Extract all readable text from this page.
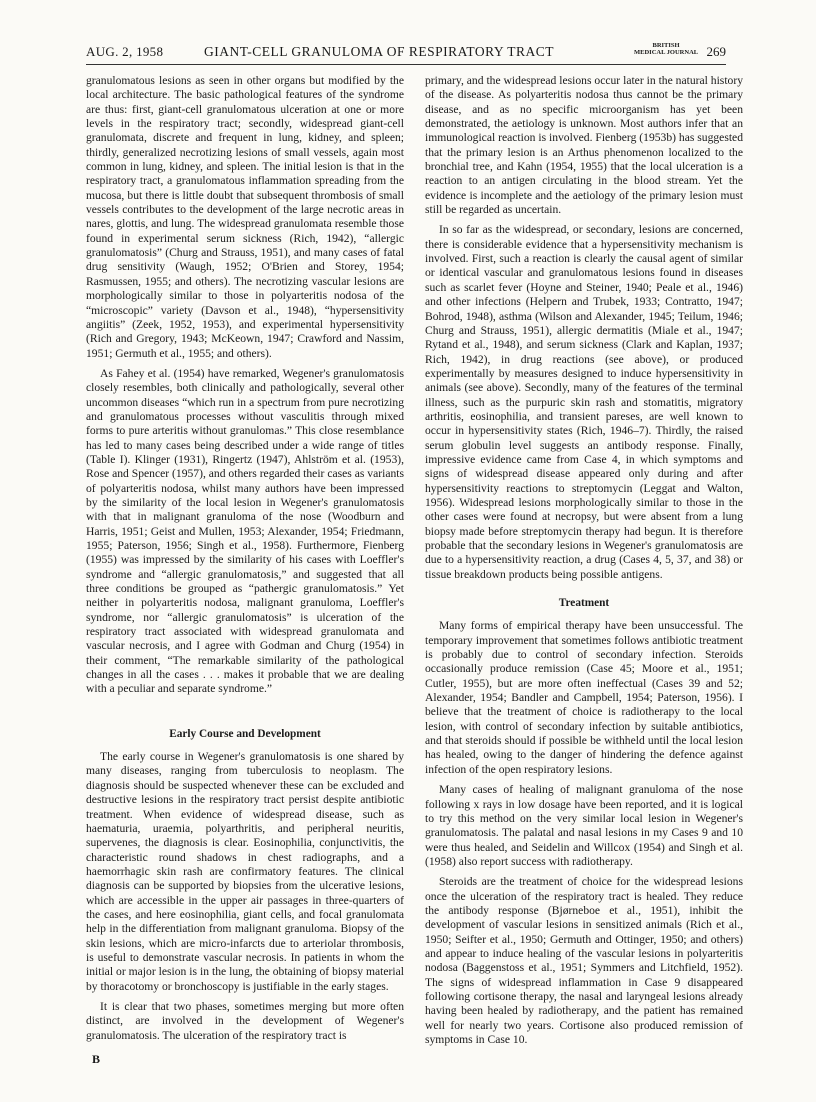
AUG. 2, 1958	GIANT-CELL GRANULOMA OF RESPIRATORY TRACT	BRITISH
MEDICAL JOURNAL 269

granulomatous lesions as seen in other organs but modified by the local architecture. The basic pathological features of the syndrome are thus: first, giant-cell granulomatous ulceration at one or more levels in the respiratory tract; secondly, widespread giant-cell granulomata, discrete and frequent in lung, kidney, and spleen; thirdly, generalized necrotizing lesions of small vessels, again most common in lung, kidney, and spleen. The initial lesion is that in the respiratory tract, a granulomatous inflammation spreading from the mucosa, but there is little doubt that subsequent thrombosis of small vessels contributes to the development of the large necrotic areas in nares, glottis, and lung. The widespread granulomata resemble those found in experimental serum sickness (Rich, 1942), “allergic granulomatosis” (Churg and Strauss, 1951), and many cases of fatal drug sensitivity (Waugh, 1952; O'Brien and Storey, 1954; Rasmussen, 1955; and others). The necrotizing vascular lesions are morphologically similar to those in polyarteritis nodosa of the “microscopic” variety (Davson et al., 1948), “hypersensitivity angiitis” (Zeek, 1952, 1953), and experimental hypersensitivity (Rich and Gregory, 1943; McKeown, 1947; Crawford and Nassim, 1951; Germuth et al., 1955; and others).

As Fahey et al. (1954) have remarked, Wegener's granulomatosis closely resembles, both clinically and pathologically, several other uncommon diseases “which run in a spectrum from pure necrotizing and granulomatous processes without vasculitis through mixed forms to pure arteritis without granulomas.” This close resemblance has led to many cases being described under a wide range of titles (Table I). Klinger (1931), Ringertz (1947), Ahlström et al. (1953), Rose and Spencer (1957), and others regarded their cases as variants of polyarteritis nodosa, whilst many authors have been impressed by the similarity of the local lesion in Wegener's granulomatosis with that in malignant granuloma of the nose (Woodburn and Harris, 1951; Geist and Mullen, 1953; Alexander, 1954; Friedmann, 1955; Paterson, 1956; Singh et al., 1958). Furthermore, Fienberg (1955) was impressed by the similarity of his cases with Loeffler's syndrome and “allergic granulomatosis,” and suggested that all three conditions be grouped as “pathergic granulomatosis.” Yet neither in polyarteritis nodosa, malignant granuloma, Loeffler's syndrome, nor “allergic granulomatosis” is ulceration of the respiratory tract associated with widespread granulomata and vascular necrosis, and I agree with Godman and Churg (1954) in their comment, “The remarkable similarity of the pathological changes in all the cases . . . makes it probable that we are dealing with a peculiar and separate syndrome.”

Early Course and Development

The early course in Wegener's granulomatosis is one shared by many diseases, ranging from tuberculosis to neoplasm. The diagnosis should be suspected whenever these can be excluded and destructive lesions in the respiratory tract persist despite antibiotic treatment. When evidence of widespread disease, such as haematuria, uraemia, polyarthritis, and peripheral neuritis, supervenes, the diagnosis is clear. Eosinophilia, conjunctivitis, the characteristic round shadows in chest radiographs, and a haemorrhagic skin rash are confirmatory features. The clinical diagnosis can be supported by biopsies from the ulcerative lesions, which are accessible in the upper air passages in three-quarters of the cases, and here eosinophilia, giant cells, and focal granulomata help in the differentiation from malignant granuloma. Biopsy of the skin lesions, which are micro-infarcts due to arteriolar thrombosis, is useful to demonstrate vascular necrosis. In patients in whom the initial or major lesion is in the lung, the obtaining of biopsy material by thoracotomy or bronchoscopy is justifiable in the early stages.

It is clear that two phases, sometimes merging but more often distinct, are involved in the development of Wegener's granulomatosis. The ulceration of the respiratory tract is

primary, and the widespread lesions occur later in the natural history of the disease. As polyarteritis nodosa thus cannot be the primary disease, and as no specific microorganism has yet been demonstrated, the aetiology is unknown. Most authors infer that an immunological reaction is involved. Fienberg (1953b) has suggested that the primary lesion is an Arthus phenomenon localized to the bronchial tree, and Kahn (1954, 1955) that the local ulceration is a reaction to an antigen circulating in the blood stream. Yet the evidence is incomplete and the aetiology of the primary lesion must still be regarded as uncertain.

In so far as the widespread, or secondary, lesions are concerned, there is considerable evidence that a hypersensitivity mechanism is involved. First, such a reaction is clearly the causal agent of similar or identical vascular and granulomatous lesions found in diseases such as scarlet fever (Hoyne and Steiner, 1940; Peale et al., 1946) and other infections (Helpern and Trubek, 1933; Contratto, 1947; Bohrod, 1948), asthma (Wilson and Alexander, 1945; Teilum, 1946; Churg and Strauss, 1951), allergic dermatitis (Miale et al., 1947; Rytand et al., 1948), and serum sickness (Clark and Kaplan, 1937; Rich, 1942), in drug reactions (see above), or produced experimentally by measures designed to induce hypersensitivity in animals (see above). Secondly, many of the features of the terminal illness, such as the purpuric skin rash and stomatitis, migratory arthritis, eosinophilia, and transient pareses, are well known to occur in hypersensitivity states (Rich, 1946–7). Thirdly, the raised serum globulin level suggests an antibody response. Finally, impressive evidence came from Case 4, in which symptoms and signs of widespread disease appeared only during and after hypersensitivity reactions to streptomycin (Leggat and Walton, 1956). Widespread lesions morphologically similar to those in the other cases were found at necropsy, but were absent from a lung biopsy made before streptomycin therapy had begun. It is therefore probable that the secondary lesions in Wegener's granulomatosis are due to a hypersensitivity reaction, a drug (Cases 4, 5, 37, and 38) or tissue breakdown products being possible antigens.

Treatment

Many forms of empirical therapy have been unsuccessful. The temporary improvement that sometimes follows antibiotic treatment is probably due to control of secondary infection. Steroids occasionally produce remission (Case 45; Moore et al., 1951; Cutler, 1955), but are more often ineffectual (Cases 39 and 52; Alexander, 1954; Bandler and Campbell, 1954; Paterson, 1956). I believe that the treatment of choice is radiotherapy to the local lesion, with control of secondary infection by suitable antibiotics, and that steroids should if possible be withheld until the local lesion has healed, owing to the danger of hindering the defence against infection of the open respiratory lesions.

Many cases of healing of malignant granuloma of the nose following x rays in low dosage have been reported, and it is logical to try this method on the very similar local lesion in Wegener's granulomatosis. The palatal and nasal lesions in my Cases 9 and 10 were thus healed, and Seidelin and Willcox (1954) and Singh et al. (1958) also report success with radiotherapy.

Steroids are the treatment of choice for the widespread lesions once the ulceration of the respiratory tract is healed. They reduce the antibody response (Bjørneboe et al., 1951), inhibit the development of vascular lesions in sensitized animals (Rich et al., 1950; Seifter et al., 1950; Germuth and Ottinger, 1950; and others) and appear to induce healing of the vascular lesions in polyarteritis nodosa (Baggenstoss et al., 1951; Symmers and Litchfield, 1952). The signs of widespread inflammation in Case 9 disappeared following cortisone therapy, the nasal and laryngeal lesions already having been healed by radiotherapy, and the patient has remained well for nearly two years. Cortisone also produced remission of symptoms in Case 10.

B
